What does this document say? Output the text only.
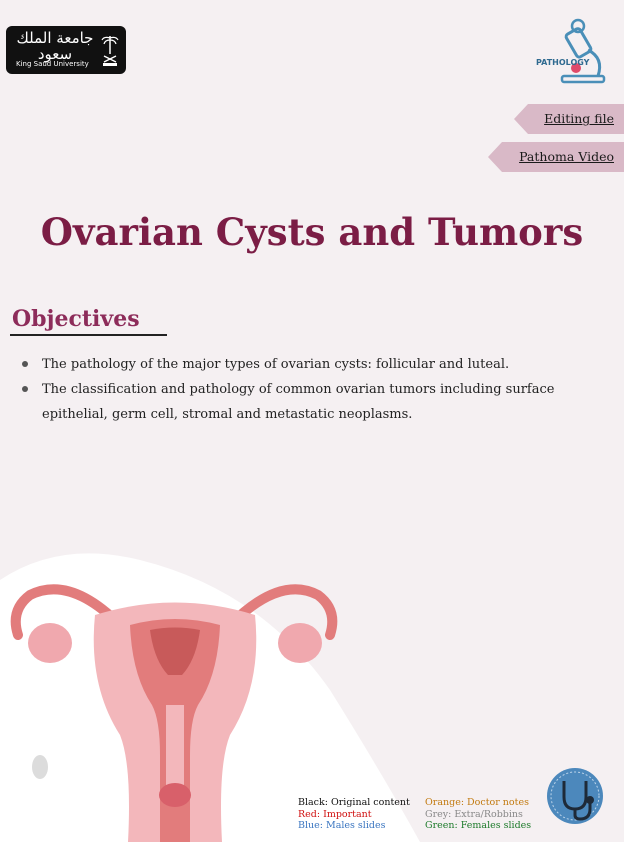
جامعة الملك سعود
King Saud University	PATHOLOGY
Editing file
Pathoma Video
Ovarian Cysts and Tumors
Objectives
The pathology of the major types of ovarian cysts: follicular and luteal.
The classification and pathology of common ovarian tumors including surface epithelial, germ cell, stromal and metastatic neoplasms.
Black: Original content
Red: Important
Blue: Males slides
Orange: Doctor notes
Grey: Extra/Robbins
Green: Females slides
